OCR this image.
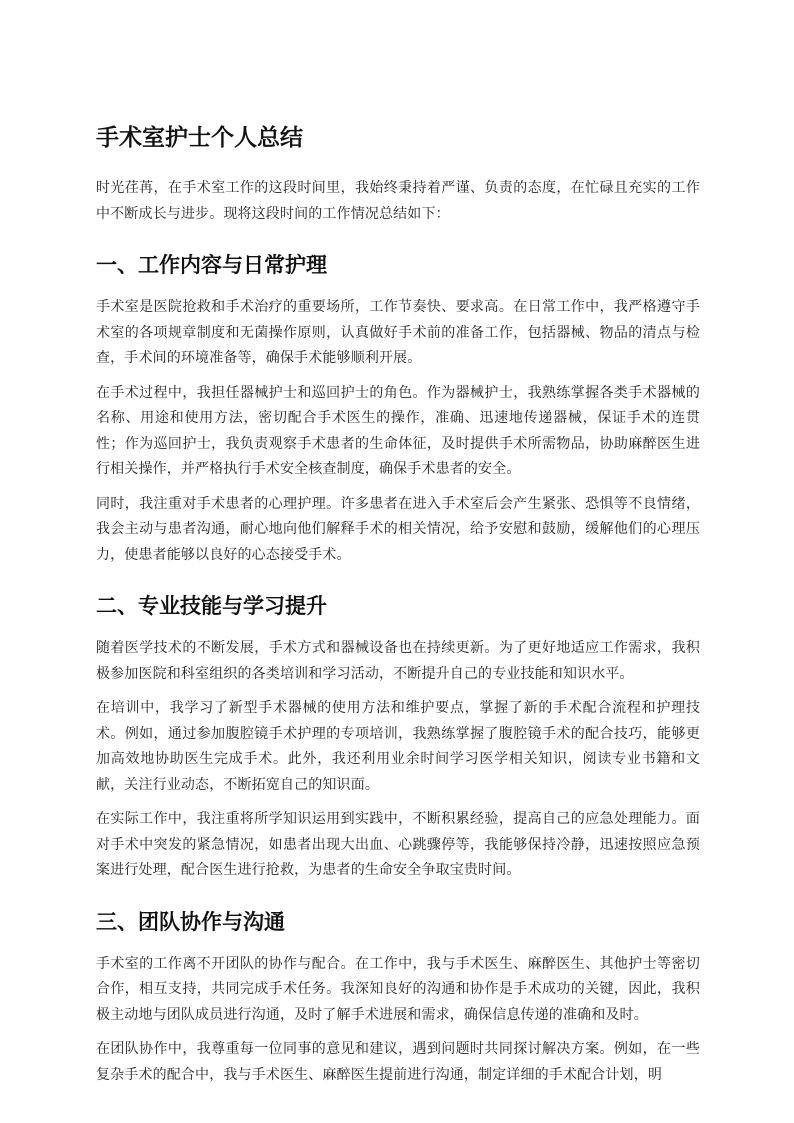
手术室护士个人总结

时光荏苒，在手术室工作的这段时间里，我始终秉持着严谨、负责的态度，在忙碌且充实的工作中不断成长与进步。现将这段时间的工作情况总结如下：

一、工作内容与日常护理

手术室是医院抢救和手术治疗的重要场所，工作节奏快、要求高。在日常工作中，我严格遵守手术室的各项规章制度和无菌操作原则，认真做好手术前的准备工作，包括器械、物品的清点与检查，手术间的环境准备等，确保手术能够顺利开展。

在手术过程中，我担任器械护士和巡回护士的角色。作为器械护士，我熟练掌握各类手术器械的名称、用途和使用方法，密切配合手术医生的操作，准确、迅速地传递器械，保证手术的连贯性；作为巡回护士，我负责观察手术患者的生命体征，及时提供手术所需物品，协助麻醉医生进行相关操作，并严格执行手术安全核查制度，确保手术患者的安全。

同时，我注重对手术患者的心理护理。许多患者在进入手术室后会产生紧张、恐惧等不良情绪，我会主动与患者沟通，耐心地向他们解释手术的相关情况，给予安慰和鼓励，缓解他们的心理压力，使患者能够以良好的心态接受手术。

二、专业技能与学习提升

随着医学技术的不断发展，手术方式和器械设备也在持续更新。为了更好地适应工作需求，我积极参加医院和科室组织的各类培训和学习活动，不断提升自己的专业技能和知识水平。

在培训中，我学习了新型手术器械的使用方法和维护要点，掌握了新的手术配合流程和护理技术。例如，通过参加腹腔镜手术护理的专项培训，我熟练掌握了腹腔镜手术的配合技巧，能够更加高效地协助医生完成手术。此外，我还利用业余时间学习医学相关知识，阅读专业书籍和文献，关注行业动态，不断拓宽自己的知识面。

在实际工作中，我注重将所学知识运用到实践中，不断积累经验，提高自己的应急处理能力。面对手术中突发的紧急情况，如患者出现大出血、心跳骤停等，我能够保持冷静，迅速按照应急预案进行处理，配合医生进行抢救，为患者的生命安全争取宝贵时间。

三、团队协作与沟通

手术室的工作离不开团队的协作与配合。在工作中，我与手术医生、麻醉医生、其他护士等密切合作，相互支持，共同完成手术任务。我深知良好的沟通和协作是手术成功的关键，因此，我积极主动地与团队成员进行沟通，及时了解手术进展和需求，确保信息传递的准确和及时。

在团队协作中，我尊重每一位同事的意见和建议，遇到问题时共同探讨解决方案。例如，在一些复杂手术的配合中，我与手术医生、麻醉医生提前进行沟通，制定详细的手术配合计划，明
